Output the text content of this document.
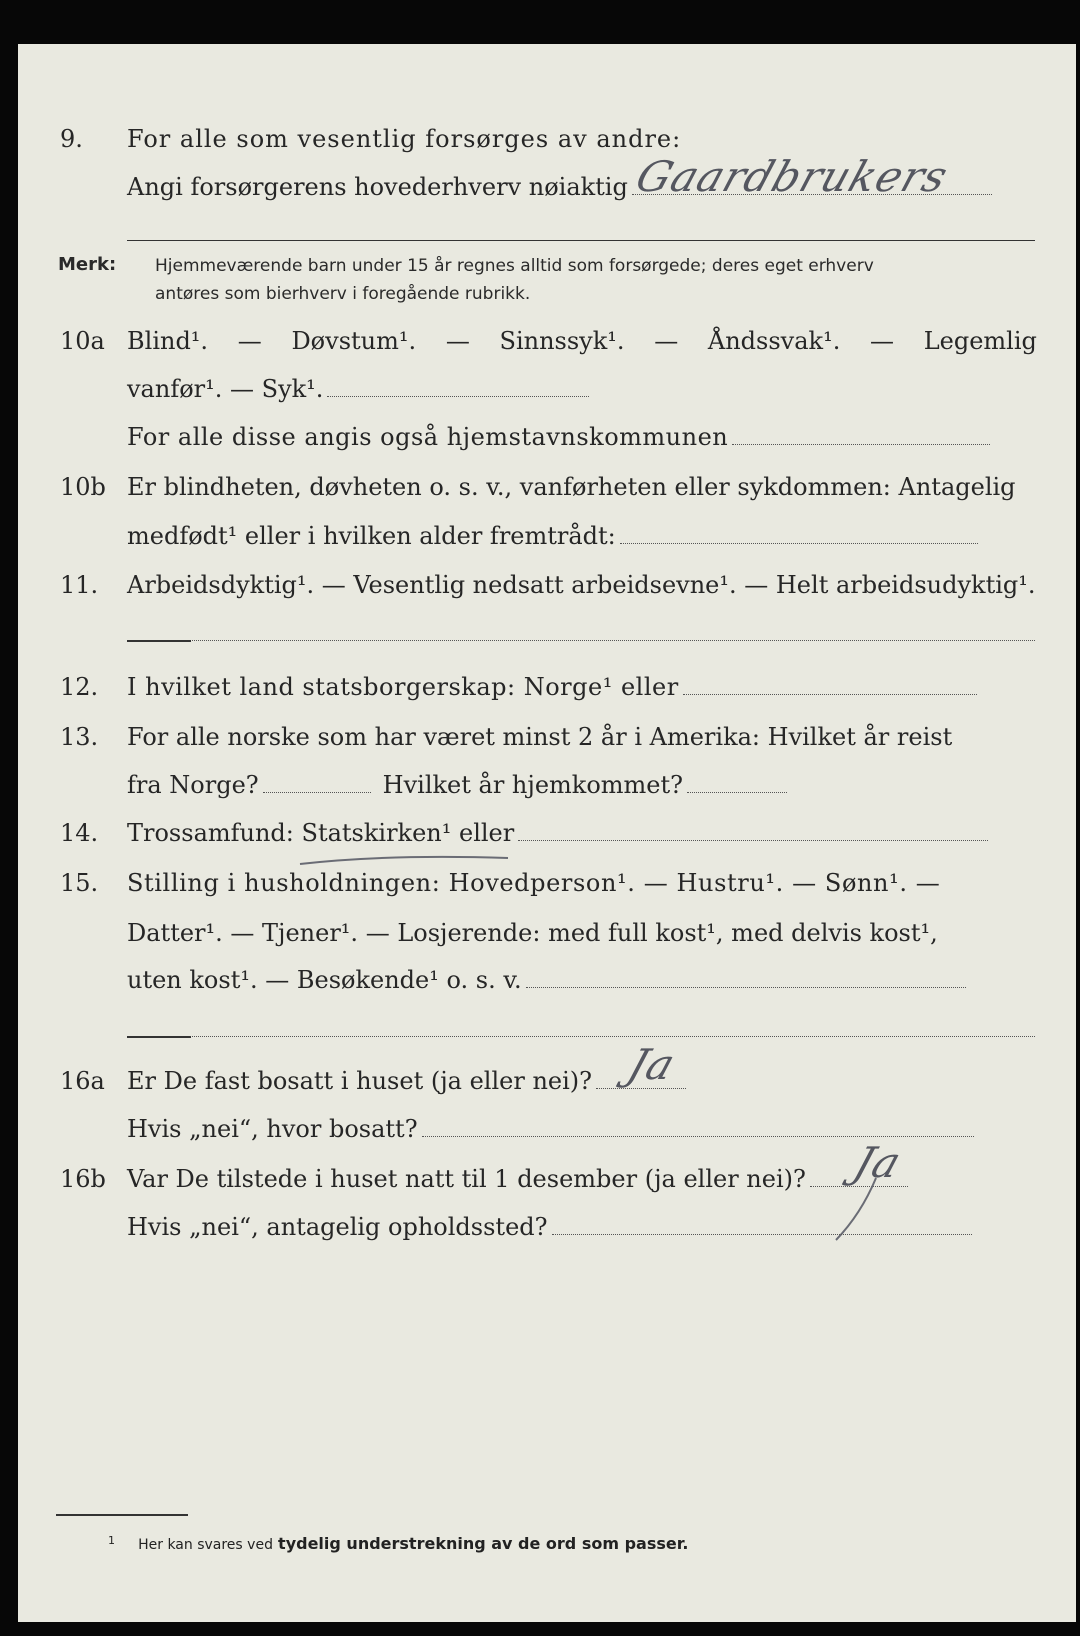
9. For alle som vesentlig forsørges av andre:
Angi forsørgerens hovederhverv nøiaktig Gaardbrukers
Merk: Hjemmeværende barn under 15 år regnes alltid som forsørgede; deres eget erhverv
antøres som bierhverv i foregående rubrikk.
10a Blind¹. — Døvstum¹. — Sinnssyk¹. — Åndssvak¹. — Legemlig
vanfør¹. — Syk¹.
For alle disse angis også hjemstavnskommunen
10b Er blindheten, døvheten o. s. v., vanførheten eller sykdommen: Antagelig
medfødt¹ eller i hvilken alder fremtrådt:
11. Arbeidsdyktig¹. — Vesentlig nedsatt arbeidsevne¹. — Helt arbeidsudyktig¹.
12. I hvilket land statsborgerskap: Norge¹ eller
13. For alle norske som har været minst 2 år i Amerika: Hvilket år reist
fra Norge?	Hvilket år hjemkommet?
14. Trossamfund: Statskirken¹ eller
15. Stilling i husholdningen: Hovedperson¹. — Hustru¹. — Sønn¹. —
Datter¹. — Tjener¹. — Losjerende: med full kost¹, med delvis kost¹,
uten kost¹. — Besøkende¹ o. s. v.
16a Er De fast bosatt i huset (ja eller nei)? Ja
Hvis „nei“, hvor bosatt?
16b Var De tilstede i huset natt til 1 desember (ja eller nei)? Ja
Hvis „nei“, antagelig opholdssted?
$^1$ Her kan svares ved tydelig understrekning av de ord som passer.
